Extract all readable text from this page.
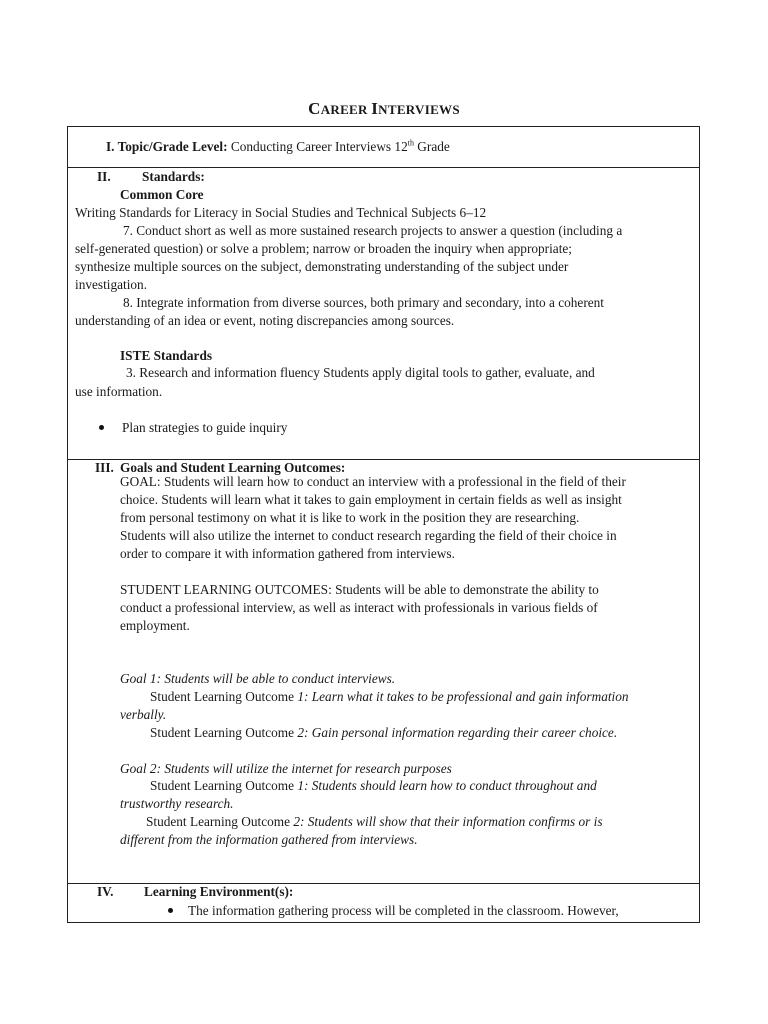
CAREER INTERVIEWS
I. Topic/Grade Level: Conducting Career Interviews 12th Grade
II. Standards:
Common Core
Writing Standards for Literacy in Social Studies and Technical Subjects 6–12
7. Conduct short as well as more sustained research projects to answer a question (including a
self-generated question) or solve a problem; narrow or broaden the inquiry when appropriate;
synthesize multiple sources on the subject, demonstrating understanding of the subject under
investigation.
8. Integrate information from diverse sources, both primary and secondary, into a coherent
understanding of an idea or event, noting discrepancies among sources.
ISTE Standards
3. Research and information fluency Students apply digital tools to gather, evaluate, and
use information.
Plan strategies to guide inquiry
III. Goals and Student Learning Outcomes:
GOAL: Students will learn how to conduct an interview with a professional in the field of their
choice. Students will learn what it takes to gain employment in certain fields as well as insight
from personal testimony on what it is like to work in the position they are researching.
Students will also utilize the internet to conduct research regarding the field of their choice in
order to compare it with information gathered from interviews.
STUDENT LEARNING OUTCOMES: Students will be able to demonstrate the ability to
conduct a professional interview, as well as interact with professionals in various fields of
employment.
Goal 1: Students will be able to conduct interviews.
Student Learning Outcome 1: Learn what it takes to be professional and gain information
verbally.
Student Learning Outcome 2: Gain personal information regarding their career choice.
Goal 2: Students will utilize the internet for research purposes
Student Learning Outcome 1: Students should learn how to conduct throughout and
trustworthy research.
Student Learning Outcome 2: Students will show that their information confirms or is
different from the information gathered from interviews.
IV. Learning Environment(s):
The information gathering process will be completed in the classroom. However,
